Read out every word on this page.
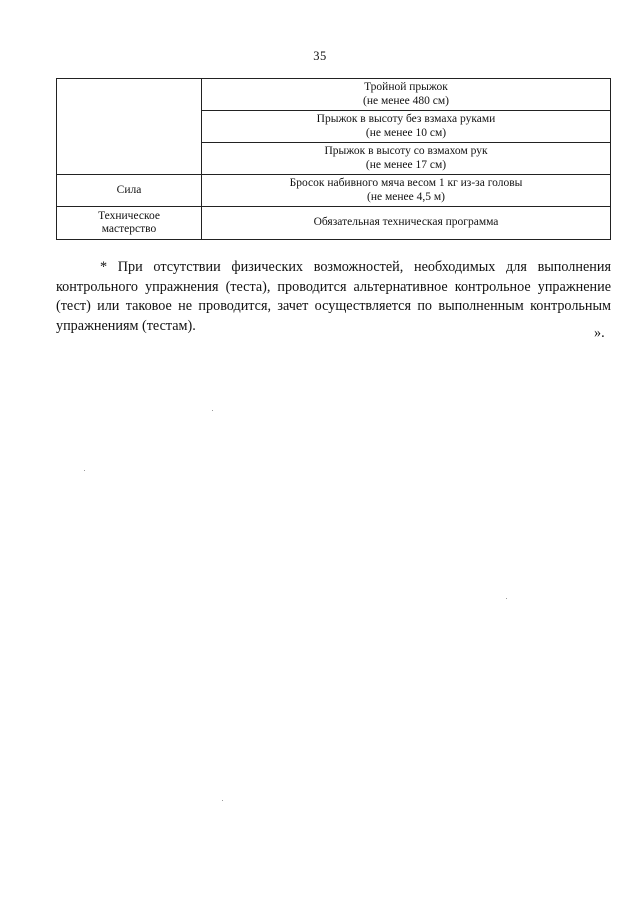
35

	Тройной прыжок
(не менее 480 см)

	Прыжок в высоту без взмаха руками
(не менее 10 см)

	Прыжок в высоту со взмахом рук
(не менее 17 см)

Сила	Бросок набивного мяча весом 1 кг из-за головы
(не менее 4,5 м)

Техническое
мастерство	Обязательная техническая программа

* При отсутствии физических возможностей, необходимых для выполнения контрольного упражнения (теста), проводится альтернативное контрольное упражнение (тест) или таковое не проводится, зачет осуществляется по выполненным контрольным упражнениям (тестам).	».
